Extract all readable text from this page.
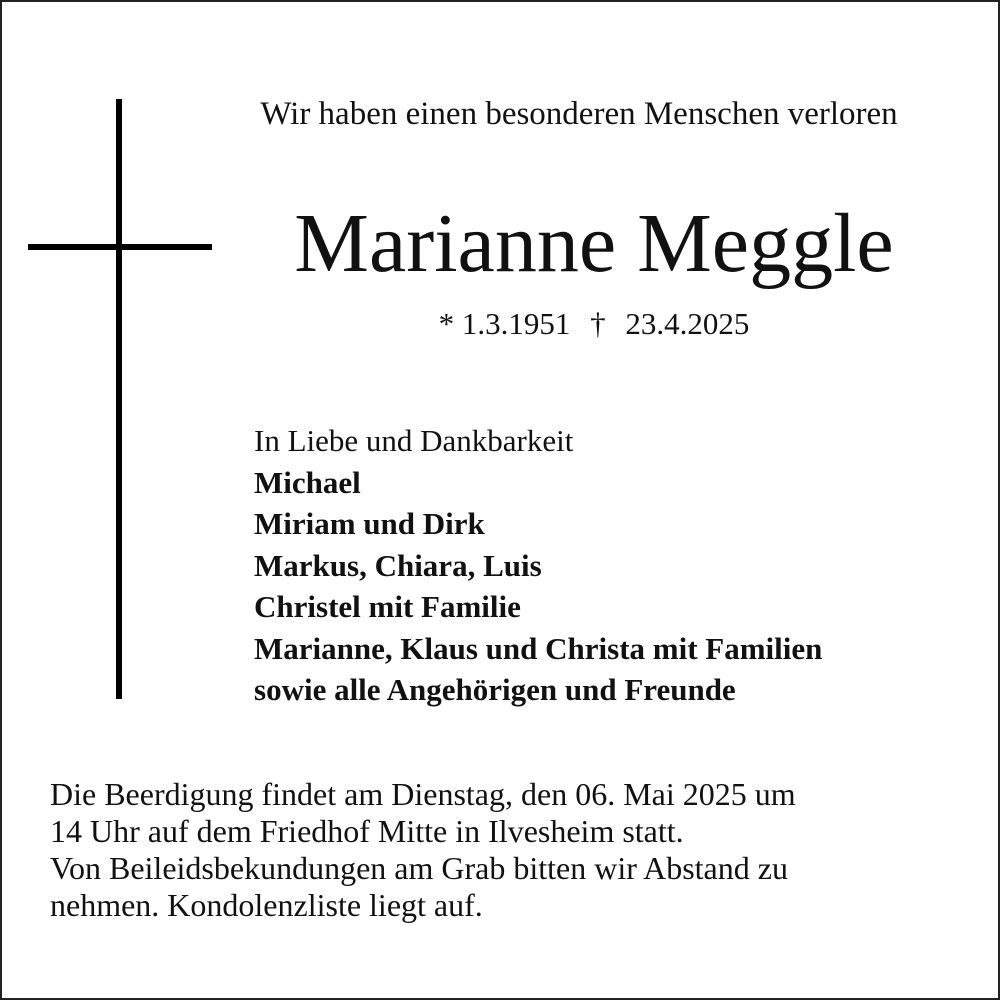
Wir haben einen besonderen Menschen verloren
Marianne Meggle
* 1.3.1951 † 23.4.2025
In Liebe und Dankbarkeit
Michael
Miriam und Dirk
Markus, Chiara, Luis
Christel mit Familie
Marianne, Klaus und Christa mit Familien
sowie alle Angehörigen und Freunde
Die Beerdigung findet am Dienstag, den 06. Mai 2025 um
14 Uhr auf dem Friedhof Mitte in Ilvesheim statt.
Von Beileidsbekundungen am Grab bitten wir Abstand zu
nehmen. Kondolenzliste liegt auf.
